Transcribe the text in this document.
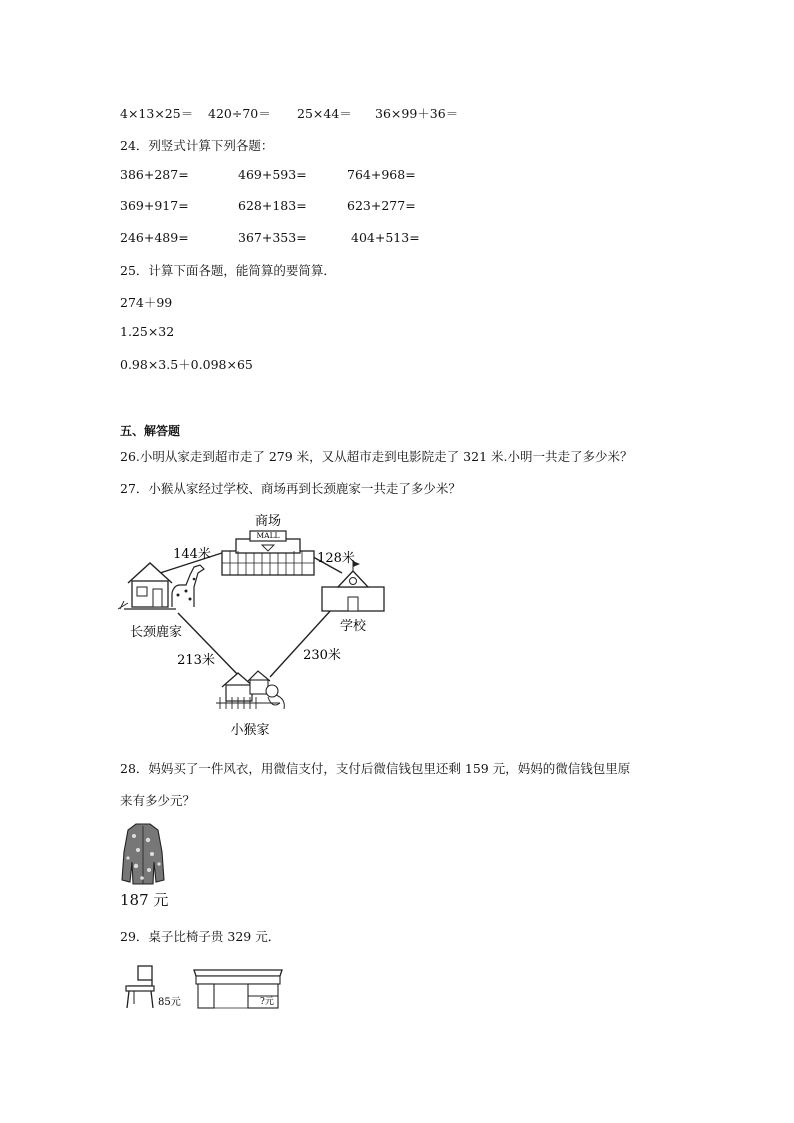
4×13×25＝ 420÷70＝ 25×44＝ 36×99＋36＝
24．列竖式计算下列各题：
386+287=	469+593=	764+968=
369+917=	628+183=	623+277=
246+489=	367+353=	404+513=
25．计算下面各题，能简算的要简算．
274＋99
1.25×32
0.98×3.5＋0.098×65
五、解答题
26.小明从家走到超市走了 279 米，又从超市走到电影院走了 321 米.小明一共走了多少米？
27．小猴从家经过学校、商场再到长颈鹿家一共走了多少米？
商场
MALL
长颈鹿家	学校
小猴家
144米	128米
213米	230米
28．妈妈买了一件风衣，用微信支付，支付后微信钱包里还剩 159 元，妈妈的微信钱包里原
来有多少元？
187 元
29．桌子比椅子贵 329 元．
85元	?元
